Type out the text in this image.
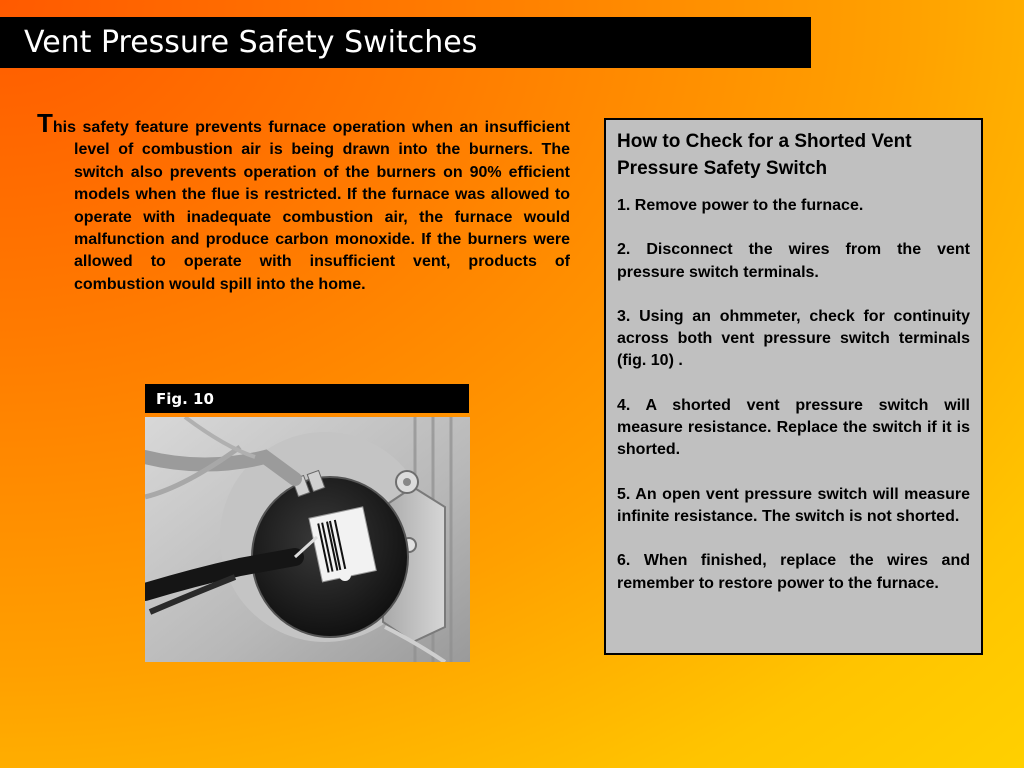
Vent Pressure Safety Switches
This safety feature prevents furnace operation when an insufficient level of combustion air is being drawn into the burners. The switch also prevents operation of the burners on 90% efficient models when the flue is restricted. If the furnace was allowed to operate with inadequate combustion air, the furnace would malfunction and produce carbon monoxide. If the burners were allowed to operate with insufficient vent, products of combustion would spill into the home.
Fig. 10
How to Check for a Shorted Vent Pressure Safety Switch
1. Remove power to the furnace.
2. Disconnect the wires from the vent pressure switch terminals.
3. Using an ohmmeter, check for continuity across both vent pressure switch terminals (fig. 10) .
4. A shorted vent pressure switch will measure resistance. Replace the switch if it is shorted.
5. An open vent pressure switch will measure infinite resistance. The switch is not shorted.
6. When finished, replace the wires and remember to restore power to the furnace.
